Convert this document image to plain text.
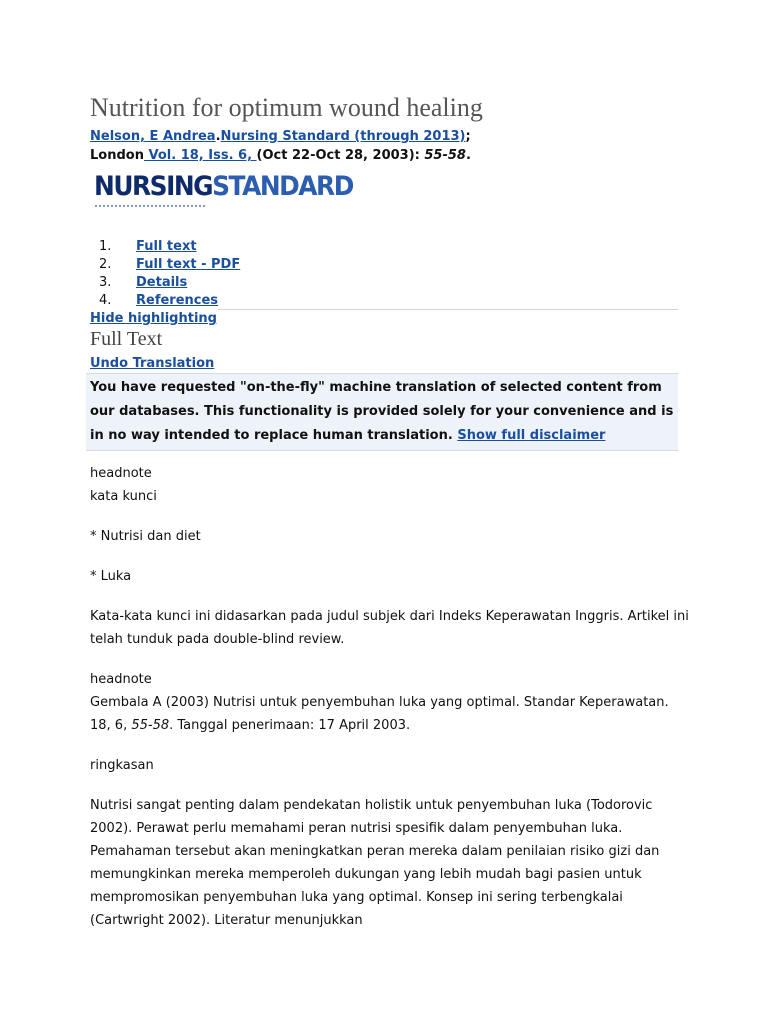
Nutrition for optimum wound healing
Nelson, E Andrea.Nursing Standard (through 2013);
London Vol. 18, Iss. 6, (Oct 22-Oct 28, 2003): 55-58.
NURSINGSTANDARD
1. Full text
2. Full text - PDF
3. Details
4. References
Hide highlighting
Full Text
Undo Translation
You have requested "on-the-fly" machine translation of selected content from our databases. This functionality is provided solely for your convenience and is in no way intended to replace human translation. Show full disclaimer

headnote

kata kunci

* Nutrisi dan diet

* Luka

Kata-kata kunci ini didasarkan pada judul subjek dari Indeks Keperawatan Inggris. Artikel ini telah tunduk pada double-blind review.

headnote

Gembala A (2003) Nutrisi untuk penyembuhan luka yang optimal. Standar Keperawatan. 18, 6, 55-58. Tanggal penerimaan: 17 April 2003.

ringkasan

Nutrisi sangat penting dalam pendekatan holistik untuk penyembuhan luka (Todorovic 2002). Perawat perlu memahami peran nutrisi spesifik dalam penyembuhan luka. Pemahaman tersebut akan meningkatkan peran mereka dalam penilaian risiko gizi dan memungkinkan mereka memperoleh dukungan yang lebih mudah bagi pasien untuk mempromosikan penyembuhan luka yang optimal. Konsep ini sering terbengkalai (Cartwright 2002). Literatur menunjukkan
